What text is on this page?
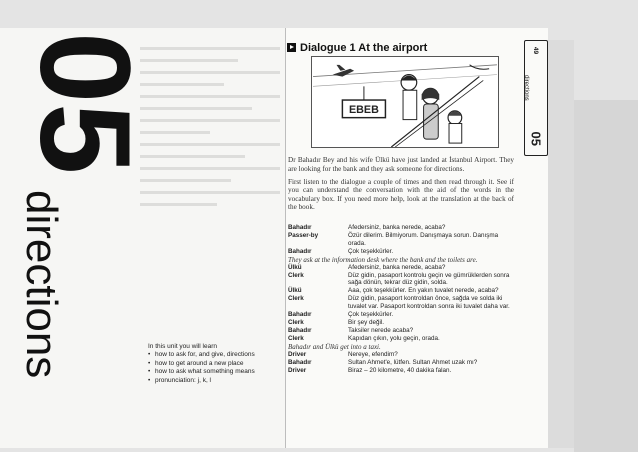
05
directions	In this unit you will learn
• how to ask for, and give, directions
• how to get around a new place
• how to ask what something means
• pronunciation: j, k, l
49
directions
05
Dialogue 1 At the airport
EBEB

Dr Bahadır Bey and his wife Ülkü have just landed at İstanbul Airport. They are looking for the bank and they ask someone for directions.

First listen to the dialogue a couple of times and then read through it. See if you can understand the conversation with the aid of the words in the vocabulary box. If you need more help, look at the translation at the back of the book.

Bahadır	Afedersiniz, banka nerede, acaba?
Passer-by	Özür dilerim. Bilmiyorum. Danışmaya sorun. Danışma orada.
Bahadır	Çok teşekkürler.
They ask at the information desk where the bank and the toilets are.
Ülkü	Afedersiniz, banka nerede, acaba?
Clerk	Düz gidin, pasaport kontrolu geçin ve gümrüklerden sonra sağa dönün, tekrar düz gidin, solda.
Ülkü	Aaa, çok teşekkürler. En yakın tuvalet nerede, acaba?
Clerk	Düz gidin, pasaport kontroldan önce, sağda ve solda iki tuvalet var. Pasaport kontroldan sonra iki tuvalet daha var.
Bahadır	Çok teşekkürler.
Clerk	Bir şey değil.
Bahadır	Taksiler nerede acaba?
Clerk	Kapıdan çıkın, yolu geçin, orada.
Bahadır and Ülkü get into a taxi.
Driver	Nereye, efendim?
Bahadır	Sultan Ahmet'e, lütfen. Sultan Ahmet uzak mı?
Driver	Biraz – 20 kilometre, 40 dakika falan.
